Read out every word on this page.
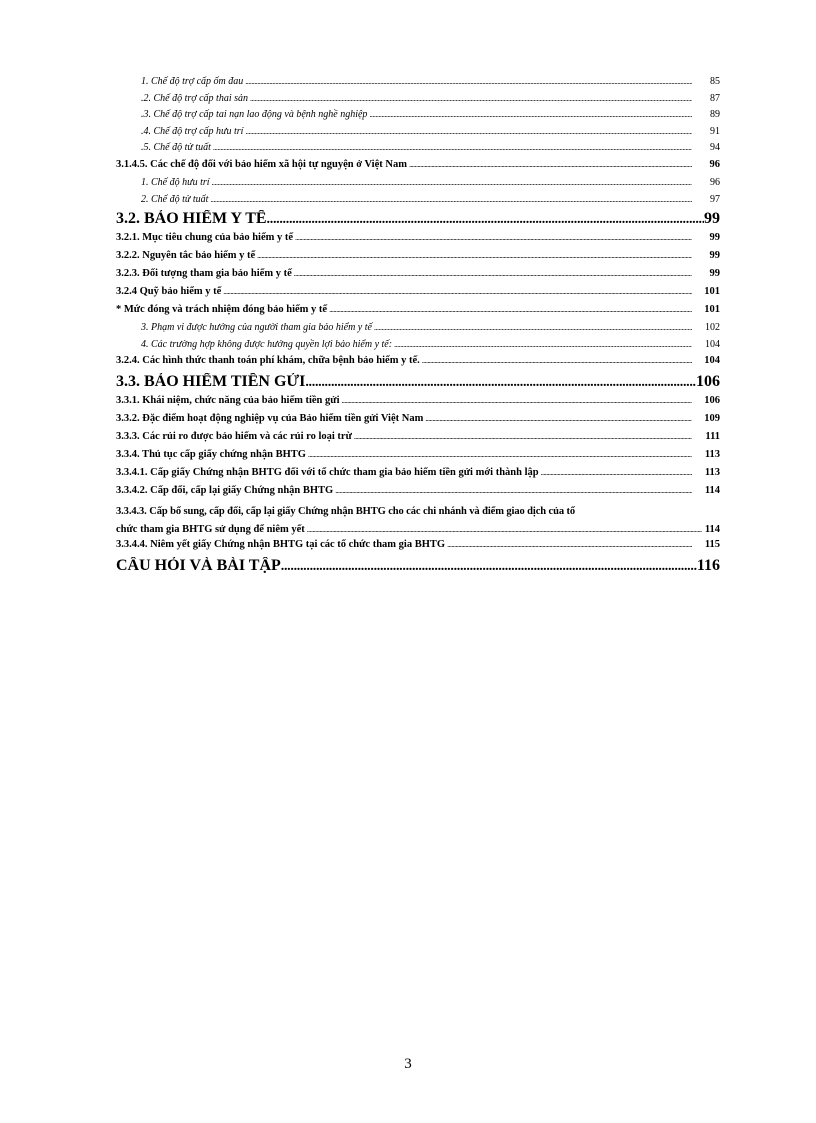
1. Chế độ trợ cấp ốm đau .....	85
.2. Chế độ trợ cấp thai sản .....	87
.3. Chế độ trợ cấp tai nạn lao động và bệnh nghề nghiệp .....	89
.4. Chế độ trợ cấp hưu trí .....	91
.5. Chế độ tử tuất .....	94
3.1.4.5. Các chế độ đối với bảo hiểm xã hội tự nguyện ở Việt Nam .....	96
1. Chế độ hưu trí .....	96
2. Chế độ tử tuất .....	97
3.2. BẢO HIỂM Y TẾ .....	99
3.2.1. Mục tiêu chung của bảo hiểm y tế .....	99
3.2.2. Nguyên tắc bảo hiểm y tế .....	99
3.2.3. Đối tượng tham gia bảo hiểm y tế .....	99
3.2.4 Quỹ bảo hiểm y tế .....	101
* Mức đóng và trách nhiệm đóng bảo hiểm y tế .....	101
3. Phạm vi được hưởng của người tham gia bảo hiểm y tế .....	102
4. Các trường hợp không được hưởng quyền lợi bảo hiểm y tế: .....	104
3.2.4. Các hình thức thanh toán phí khám, chữa bệnh bảo hiểm y tế. .....	104
3.3. BẢO HIỂM TIỀN GỬI .....	106
3.3.1. Khái niệm, chức năng của bảo hiểm tiền gửi .....	106
3.3.2. Đặc điểm hoạt động nghiệp vụ của Bảo hiểm tiền gửi Việt Nam .....	109
3.3.3. Các rủi ro được bảo hiểm và các rủi ro loại trừ .....	111
3.3.4. Thủ tục cấp giấy chứng nhận BHTG .....	113
3.3.4.1. Cấp giấy Chứng nhận BHTG đối với tổ chức tham gia bảo hiểm tiền gửi mới thành lập .....	113
3.3.4.2. Cấp đổi, cấp lại giấy Chứng nhận BHTG .....	114
3.3.4.3. Cấp bổ sung, cấp đổi, cấp lại giấy Chứng nhận BHTG cho các chi nhánh và điểm giao dịch của tổ
chức tham gia BHTG sử dụng để niêm yết .....	114
3.3.4.4. Niêm yết giấy Chứng nhận BHTG tại các tổ chức tham gia BHTG .....	115
CÂU HỎI VÀ BÀI TẬP .....	116
3
